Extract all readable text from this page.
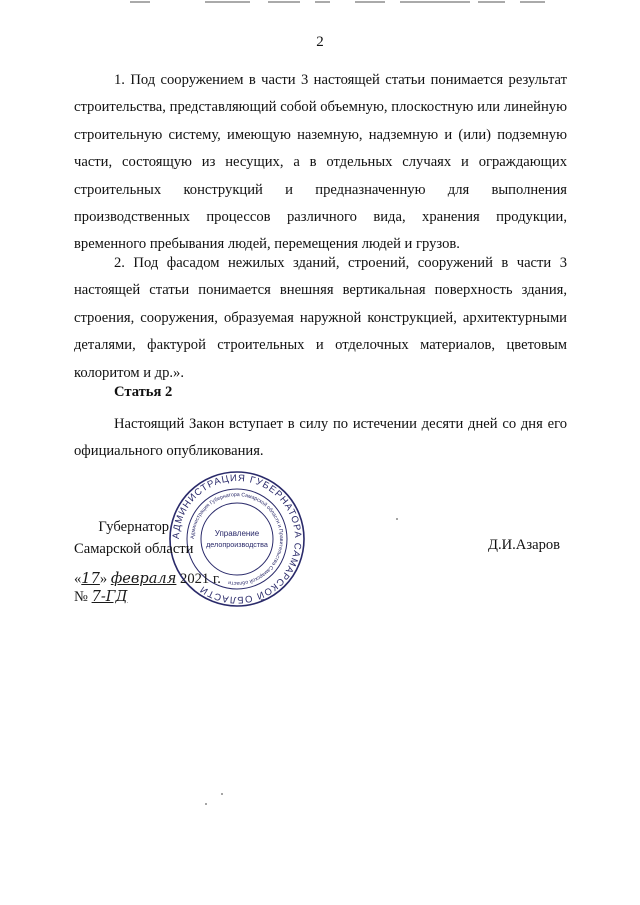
2
1. Под сооружением в части 3 настоящей статьи понимается результат строительства, представляющий собой объемную, плоскостную или линейную строительную систему, имеющую наземную, надземную и (или) подземную части, состоящую из несущих, а в отдельных случаях и ограждающих строительных конструкций и предназначенную для выполнения производственных процессов различного вида, хранения продукции, временного пребывания людей, перемещения людей и грузов.
2. Под фасадом нежилых зданий, строений, сооружений в части 3 настоящей статьи понимается внешняя вертикальная поверхность здания, строения, сооружения, образуемая наружной конструкцией, архитектурными деталями, фактурой строительных и отделочных материалов, цветовым колоритом и др.».
Статья 2
Настоящий Закон вступает в силу по истечении десяти дней со дня его официального опубликования.
АДМИНИСТРАЦИЯ ГУБЕРНАТОРА САМАРСКОЙ ОБЛАСТИ
Администрация Губернатора Самарской области и Правительства Самарской области
Управление
делопроизводства
Губернатор
Самарской области	Д.И.Азаров
«17» февраля 2021 г.
№ 7-ГД
